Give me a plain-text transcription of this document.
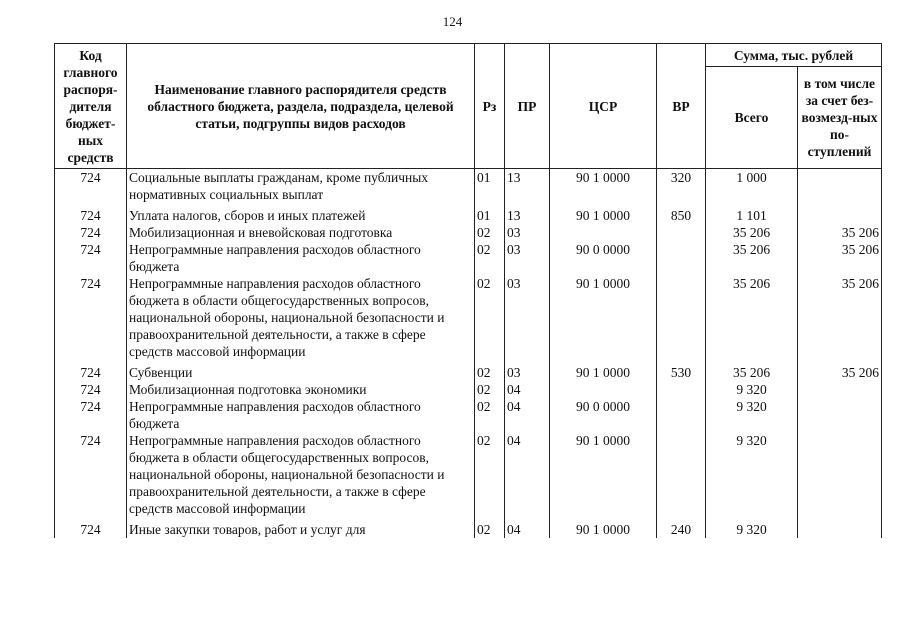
124
Код главного распоря-дителя бюджет-ных средств	Наименование главного распорядителя средств областного бюджета, раздела, подраздела, целевой статьи, подгруппы видов расходов	Рз	ПР	ЦСР	ВР	Сумма, тыс. рублей	
						Всего	в том числе за счет без-возмезд-ных по-ступлений
724	Социальные выплаты гражданам, кроме публичных нормативных социальных выплат	01	13	90 1 0000	320	1 000	
724	Уплата налогов, сборов и иных платежей	01	13	90 1 0000	850	1 101	
724	Мобилизационная и вневойсковая подготовка	02	03			35 206	35 206
724	Непрограммные направления расходов областного бюджета	02	03	90 0 0000		35 206	35 206
724	Непрограммные направления расходов областного бюджета в области общегосударственных вопросов, национальной обороны, национальной безопасности и правоохранительной деятельности, а также в сфере средств массовой информации	02	03	90 1 0000		35 206	35 206
724	Субвенции	02	03	90 1 0000	530	35 206	35 206
724	Мобилизационная подготовка экономики	02	04			9 320	
724	Непрограммные направления расходов областного бюджета	02	04	90 0 0000		9 320	
724	Непрограммные направления расходов областного бюджета в области общегосударственных вопросов, национальной обороны, национальной безопасности и правоохранительной деятельности, а также в сфере средств массовой информации	02	04	90 1 0000		9 320	
724	Иные закупки товаров, работ и услуг для	02	04	90 1 0000	240	9 320	
